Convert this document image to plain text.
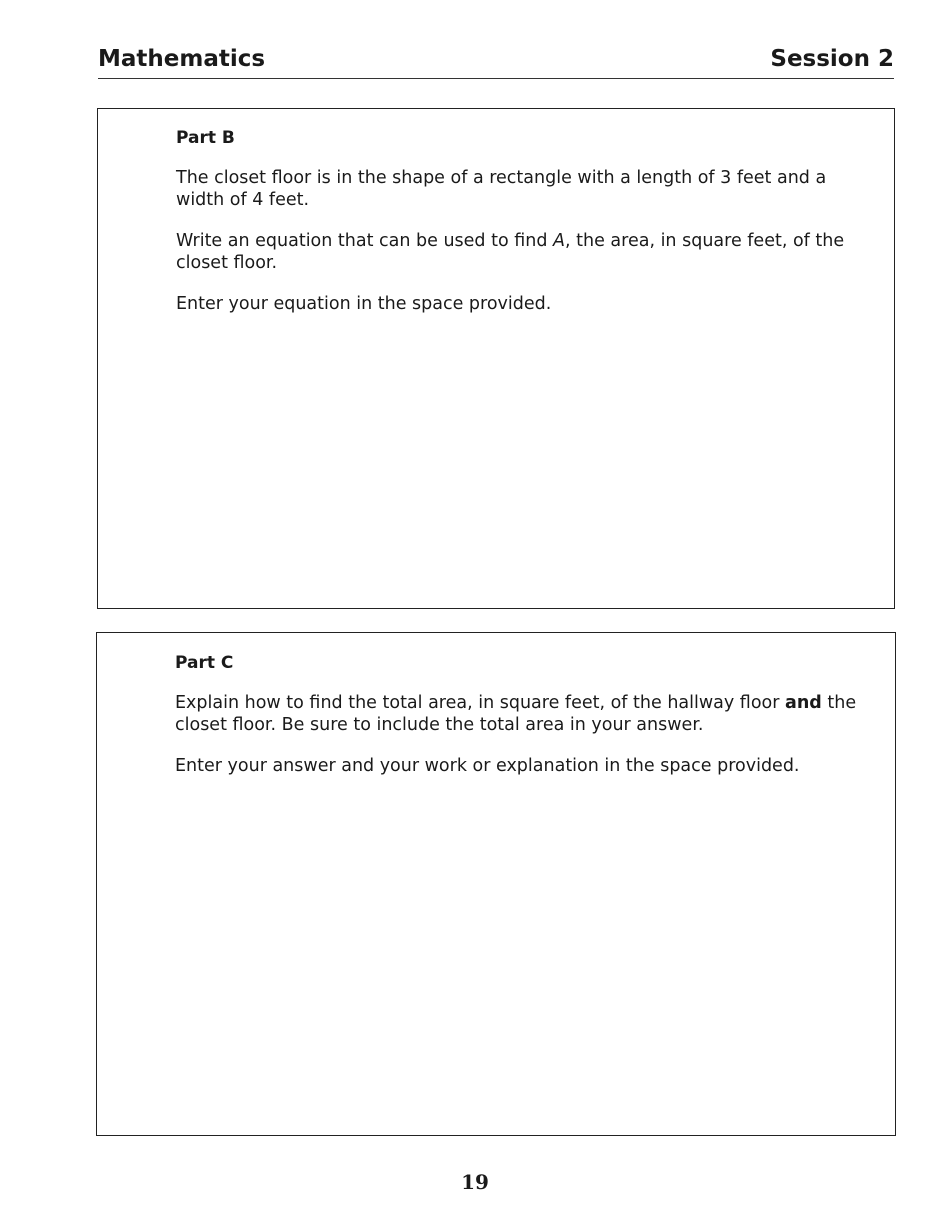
Mathematics	Session 2

Part B

The closet floor is in the shape of a rectangle with a length of 3 feet and a width of 4 feet.

Write an equation that can be used to find A, the area, in square feet, of the closet floor.

Enter your equation in the space provided.

Part C

Explain how to find the total area, in square feet, of the hallway floor and the closet floor. Be sure to include the total area in your answer.

Enter your answer and your work or explanation in the space provided.

19
